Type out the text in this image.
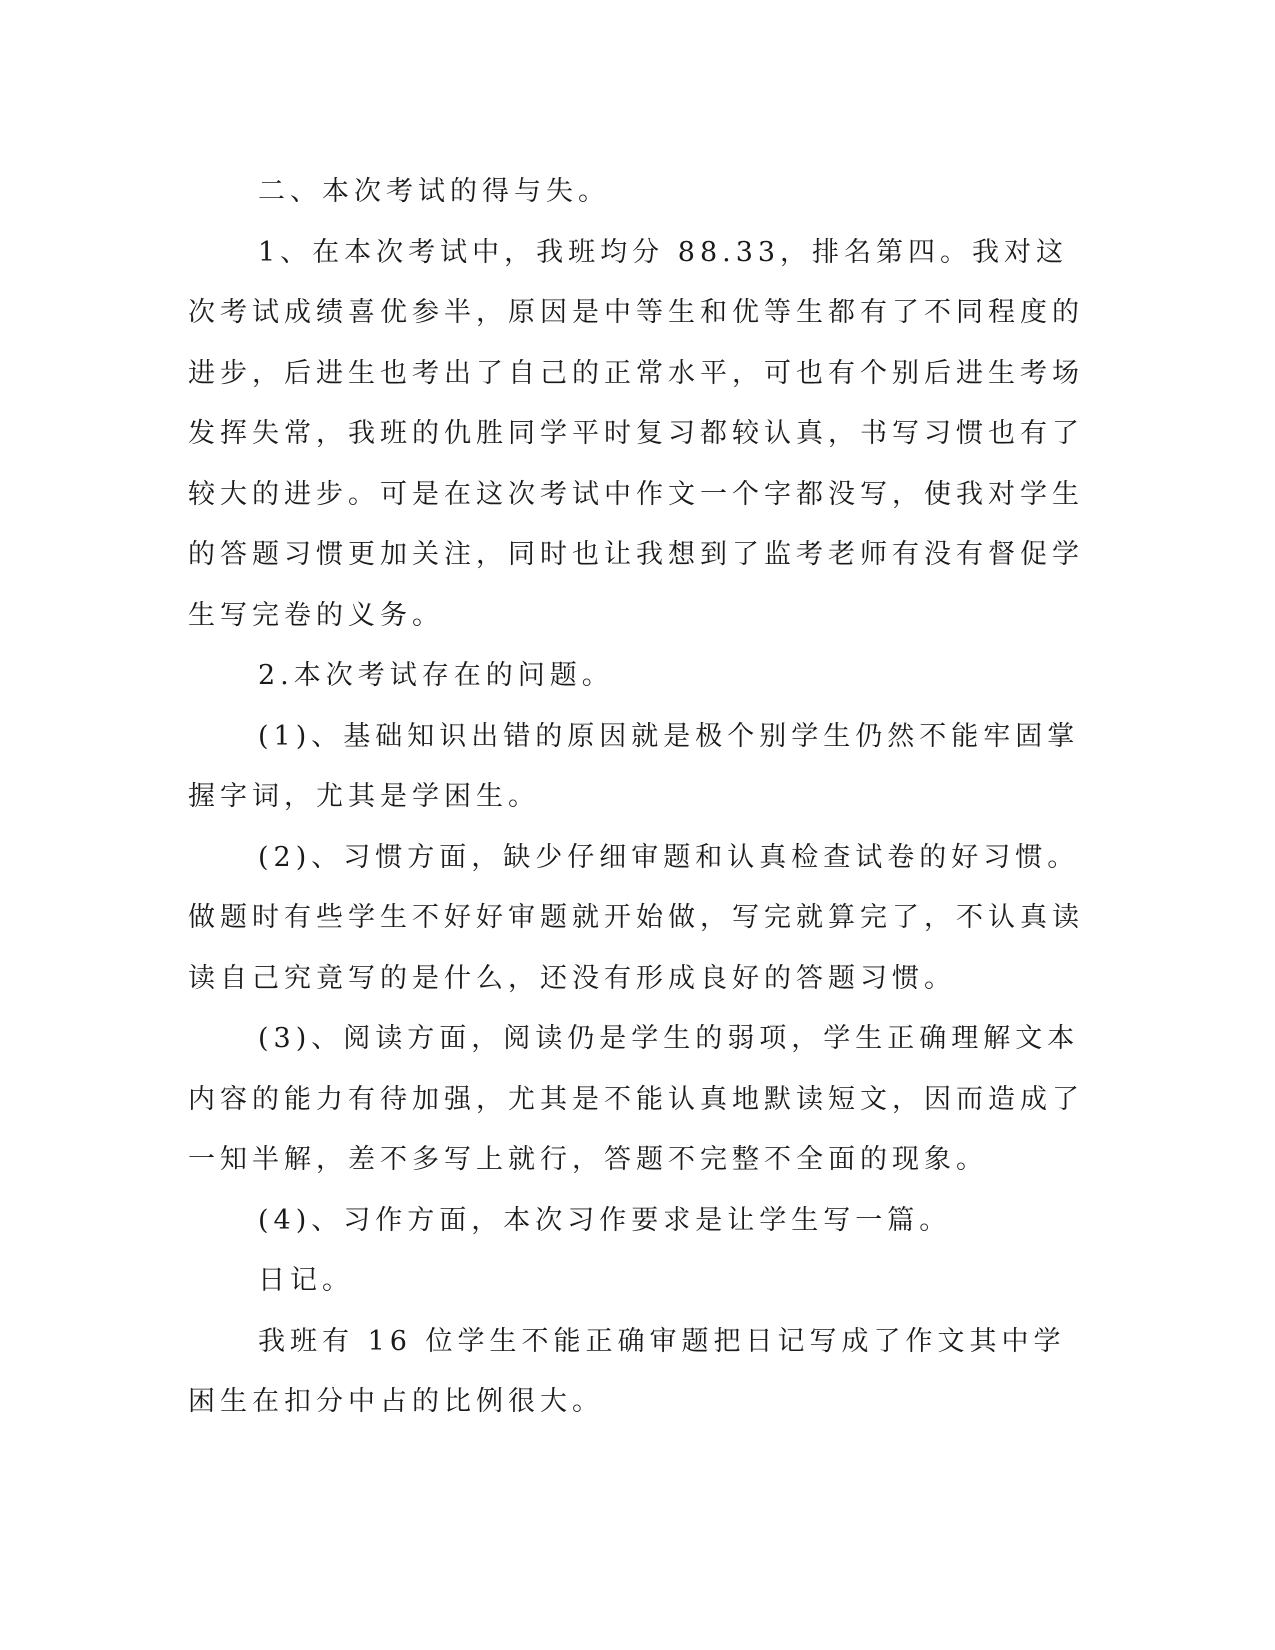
二、本次考试的得与失。

1、在本次考试中，我班均分 88.33，排名第四。我对这次考试成绩喜优参半，原因是中等生和优等生都有了不同程度的进步，后进生也考出了自己的正常水平，可也有个别后进生考场发挥失常，我班的仇胜同学平时复习都较认真，书写习惯也有了较大的进步。可是在这次考试中作文一个字都没写，使我对学生的答题习惯更加关注，同时也让我想到了监考老师有没有督促学生写完卷的义务。

2.本次考试存在的问题。

(1)、基础知识出错的原因就是极个别学生仍然不能牢固掌握字词，尤其是学困生。

(2)、习惯方面，缺少仔细审题和认真检查试卷的好习惯。做题时有些学生不好好审题就开始做，写完就算完了，不认真读读自己究竟写的是什么，还没有形成良好的答题习惯。

(3)、阅读方面，阅读仍是学生的弱项，学生正确理解文本内容的能力有待加强，尤其是不能认真地默读短文，因而造成了一知半解，差不多写上就行，答题不完整不全面的现象。

(4)、习作方面，本次习作要求是让学生写一篇。

日记。

我班有 16 位学生不能正确审题把日记写成了作文其中学困生在扣分中占的比例很大。
